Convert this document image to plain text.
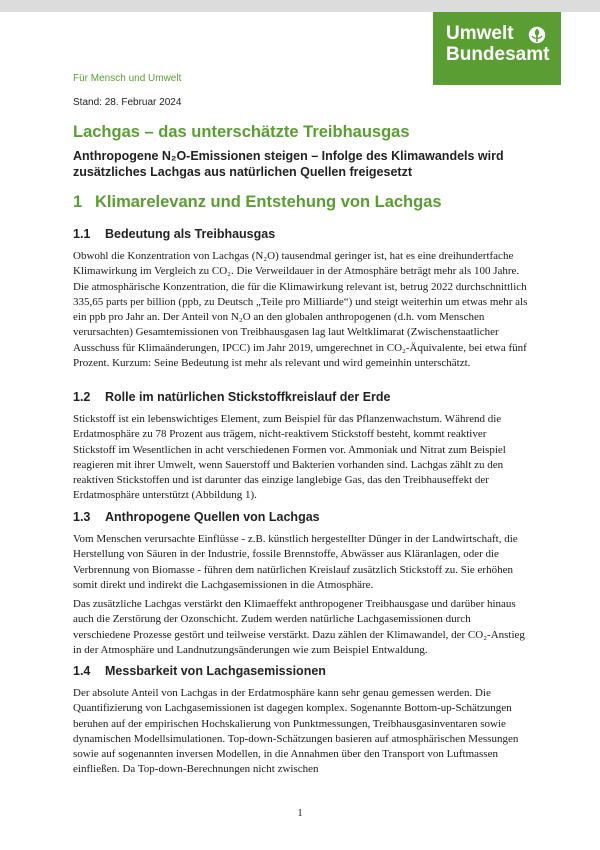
Umwelt
Bundesamt
Für Mensch und Umwelt
Stand: 28. Februar 2024
Lachgas – das unterschätzte Treibhausgas
Anthropogene N₂O-Emissionen steigen – Infolge des Klimawandels wird zusätzliches Lachgas aus natürlichen Quellen freigesetzt
1 Klimarelevanz und Entstehung von Lachgas
1.1 Bedeutung als Treibhausgas
Obwohl die Konzentration von Lachgas (N₂O) tausendmal geringer ist, hat es eine dreihundertfache Klimawirkung im Vergleich zu CO₂. Die Verweildauer in der Atmosphäre beträgt mehr als 100 Jahre. Die atmosphärische Konzentration, die für die Klimawirkung relevant ist, betrug 2022 durchschnittlich 335,65 parts per billion (ppb, zu Deutsch „Teile pro Milliarde“) und steigt weiterhin um etwas mehr als ein ppb pro Jahr an. Der Anteil von N₂O an den globalen anthropogenen (d.h. vom Menschen verursachten) Gesamtemissionen von Treibhausgasen lag laut Weltklimarat (Zwischenstaatlicher Ausschuss für Klimaänderungen, IPCC) im Jahr 2019, umgerechnet in CO₂-Äquivalente, bei etwa fünf Prozent. Kurzum: Seine Bedeutung ist mehr als relevant und wird gemeinhin unterschätzt.
1.2 Rolle im natürlichen Stickstoffkreislauf der Erde
Stickstoff ist ein lebenswichtiges Element, zum Beispiel für das Pflanzenwachstum. Während die Erdatmosphäre zu 78 Prozent aus trägem, nicht-reaktivem Stickstoff besteht, kommt reaktiver Stickstoff im Wesentlichen in acht verschiedenen Formen vor. Ammoniak und Nitrat zum Beispiel reagieren mit ihrer Umwelt, wenn Sauerstoff und Bakterien vorhanden sind. Lachgas zählt zu den reaktiven Stickstoffen und ist darunter das einzige langlebige Gas, das den Treibhauseffekt der Erdatmosphäre unterstützt (Abbildung 1).
1.3 Anthropogene Quellen von Lachgas
Vom Menschen verursachte Einflüsse - z.B. künstlich hergestellter Dünger in der Landwirtschaft, die Herstellung von Säuren in der Industrie, fossile Brennstoffe, Abwässer aus Kläranlagen, oder die Verbrennung von Biomasse - führen dem natürlichen Kreislauf zusätzlich Stickstoff zu. Sie erhöhen somit direkt und indirekt die Lachgasemissionen in die Atmosphäre.
Das zusätzliche Lachgas verstärkt den Klimaeffekt anthropogener Treibhausgase und darüber hinaus auch die Zerstörung der Ozonschicht. Zudem werden natürliche Lachgasemissionen durch verschiedene Prozesse gestört und teilweise verstärkt. Dazu zählen der Klimawandel, der CO₂-Anstieg in der Atmosphäre und Landnutzungsänderungen wie zum Beispiel Entwaldung.
1.4 Messbarkeit von Lachgasemissionen
Der absolute Anteil von Lachgas in der Erdatmosphäre kann sehr genau gemessen werden. Die Quantifizierung von Lachgasemissionen ist dagegen komplex. Sogenannte Bottom-up-Schätzungen beruhen auf der empirischen Hochskalierung von Punktmessungen, Treibhausgasinventaren sowie dynamischen Modellsimulationen. Top-down-Schätzungen basieren auf atmosphärischen Messungen sowie auf sogenannten inversen Modellen, in die Annahmen über den Transport von Luftmassen einfließen. Da Top-down-Berechnungen nicht zwischen
1
